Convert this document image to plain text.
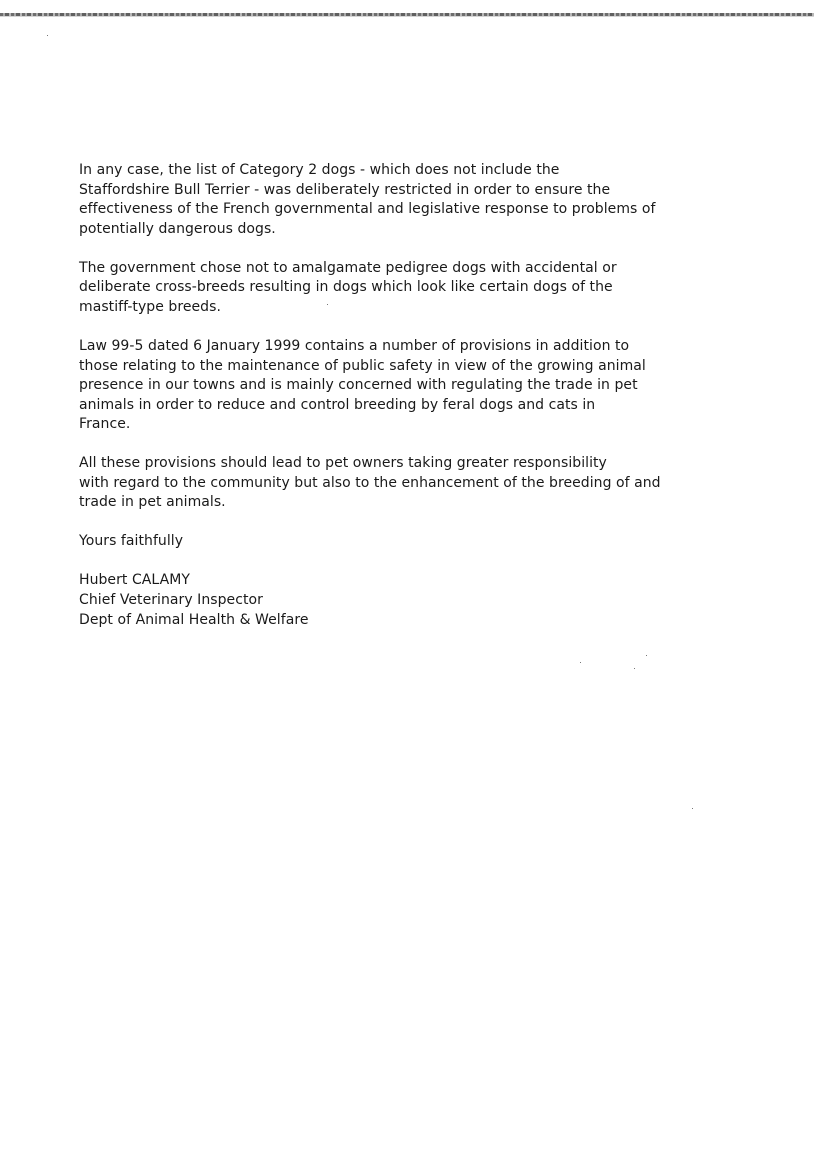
In any case, the list of Category 2 dogs - which does not include the
Staffordshire Bull Terrier - was deliberately restricted in order to ensure the
effectiveness of the French governmental and legislative response to problems of
potentially dangerous dogs.

The government chose not to amalgamate pedigree dogs with accidental or
deliberate cross-breeds resulting in dogs which look like certain dogs of the
mastiff-type breeds.

Law 99-5 dated 6 January 1999 contains a number of provisions in addition to
those relating to the maintenance of public safety in view of the growing animal
presence in our towns and is mainly concerned with regulating the trade in pet
animals in order to reduce and control breeding by feral dogs and cats in
France.

All these provisions should lead to pet owners taking greater responsibility
with regard to the community but also to the enhancement of the breeding of and
trade in pet animals.

Yours faithfully

Hubert CALAMY
Chief Veterinary Inspector
Dept of Animal Health & Welfare
